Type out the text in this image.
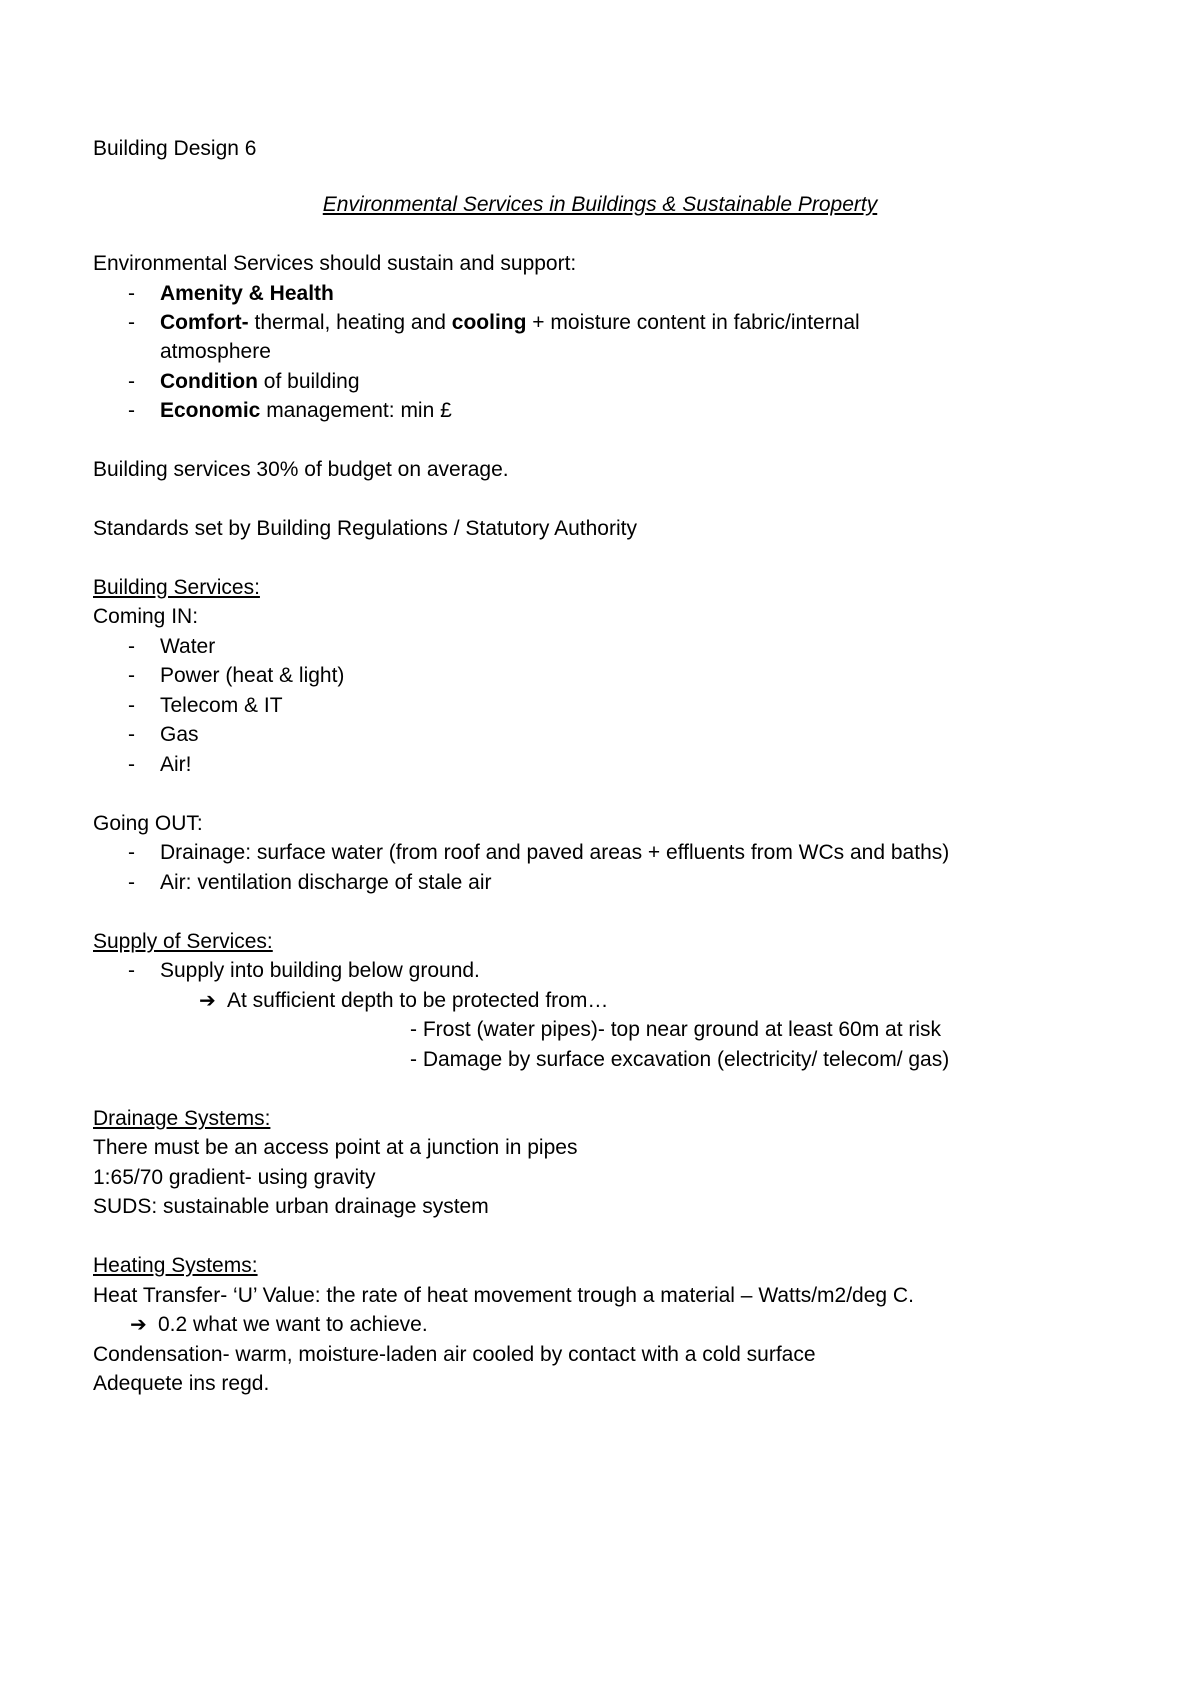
Building Design 6
Environmental Services in Buildings & Sustainable Property
Environmental Services should sustain and support:
- Amenity & Health
- Comfort- thermal, heating and cooling + moisture content in fabric/internal
atmosphere
- Condition of building
- Economic management: min £
Building services 30% of budget on average.
Standards set by Building Regulations / Statutory Authority
Building Services:
Coming IN:
- Water
- Power (heat & light)
- Telecom & IT
- Gas
- Air!
Going OUT:
- Drainage: surface water (from roof and paved areas + effluents from WCs and baths)
- Air: ventilation discharge of stale air
Supply of Services:
- Supply into building below ground.
➔ At sufficient depth to be protected from…
- Frost (water pipes)- top near ground at least 60m at risk
- Damage by surface excavation (electricity/ telecom/ gas)
Drainage Systems:
There must be an access point at a junction in pipes
1:65/70 gradient- using gravity
SUDS: sustainable urban drainage system
Heating Systems:
Heat Transfer- ‘U’ Value: the rate of heat movement trough a material – Watts/m2/deg C.
➔ 0.2 what we want to achieve.
Condensation- warm, moisture-laden air cooled by contact with a cold surface
Adequete ins regd.
